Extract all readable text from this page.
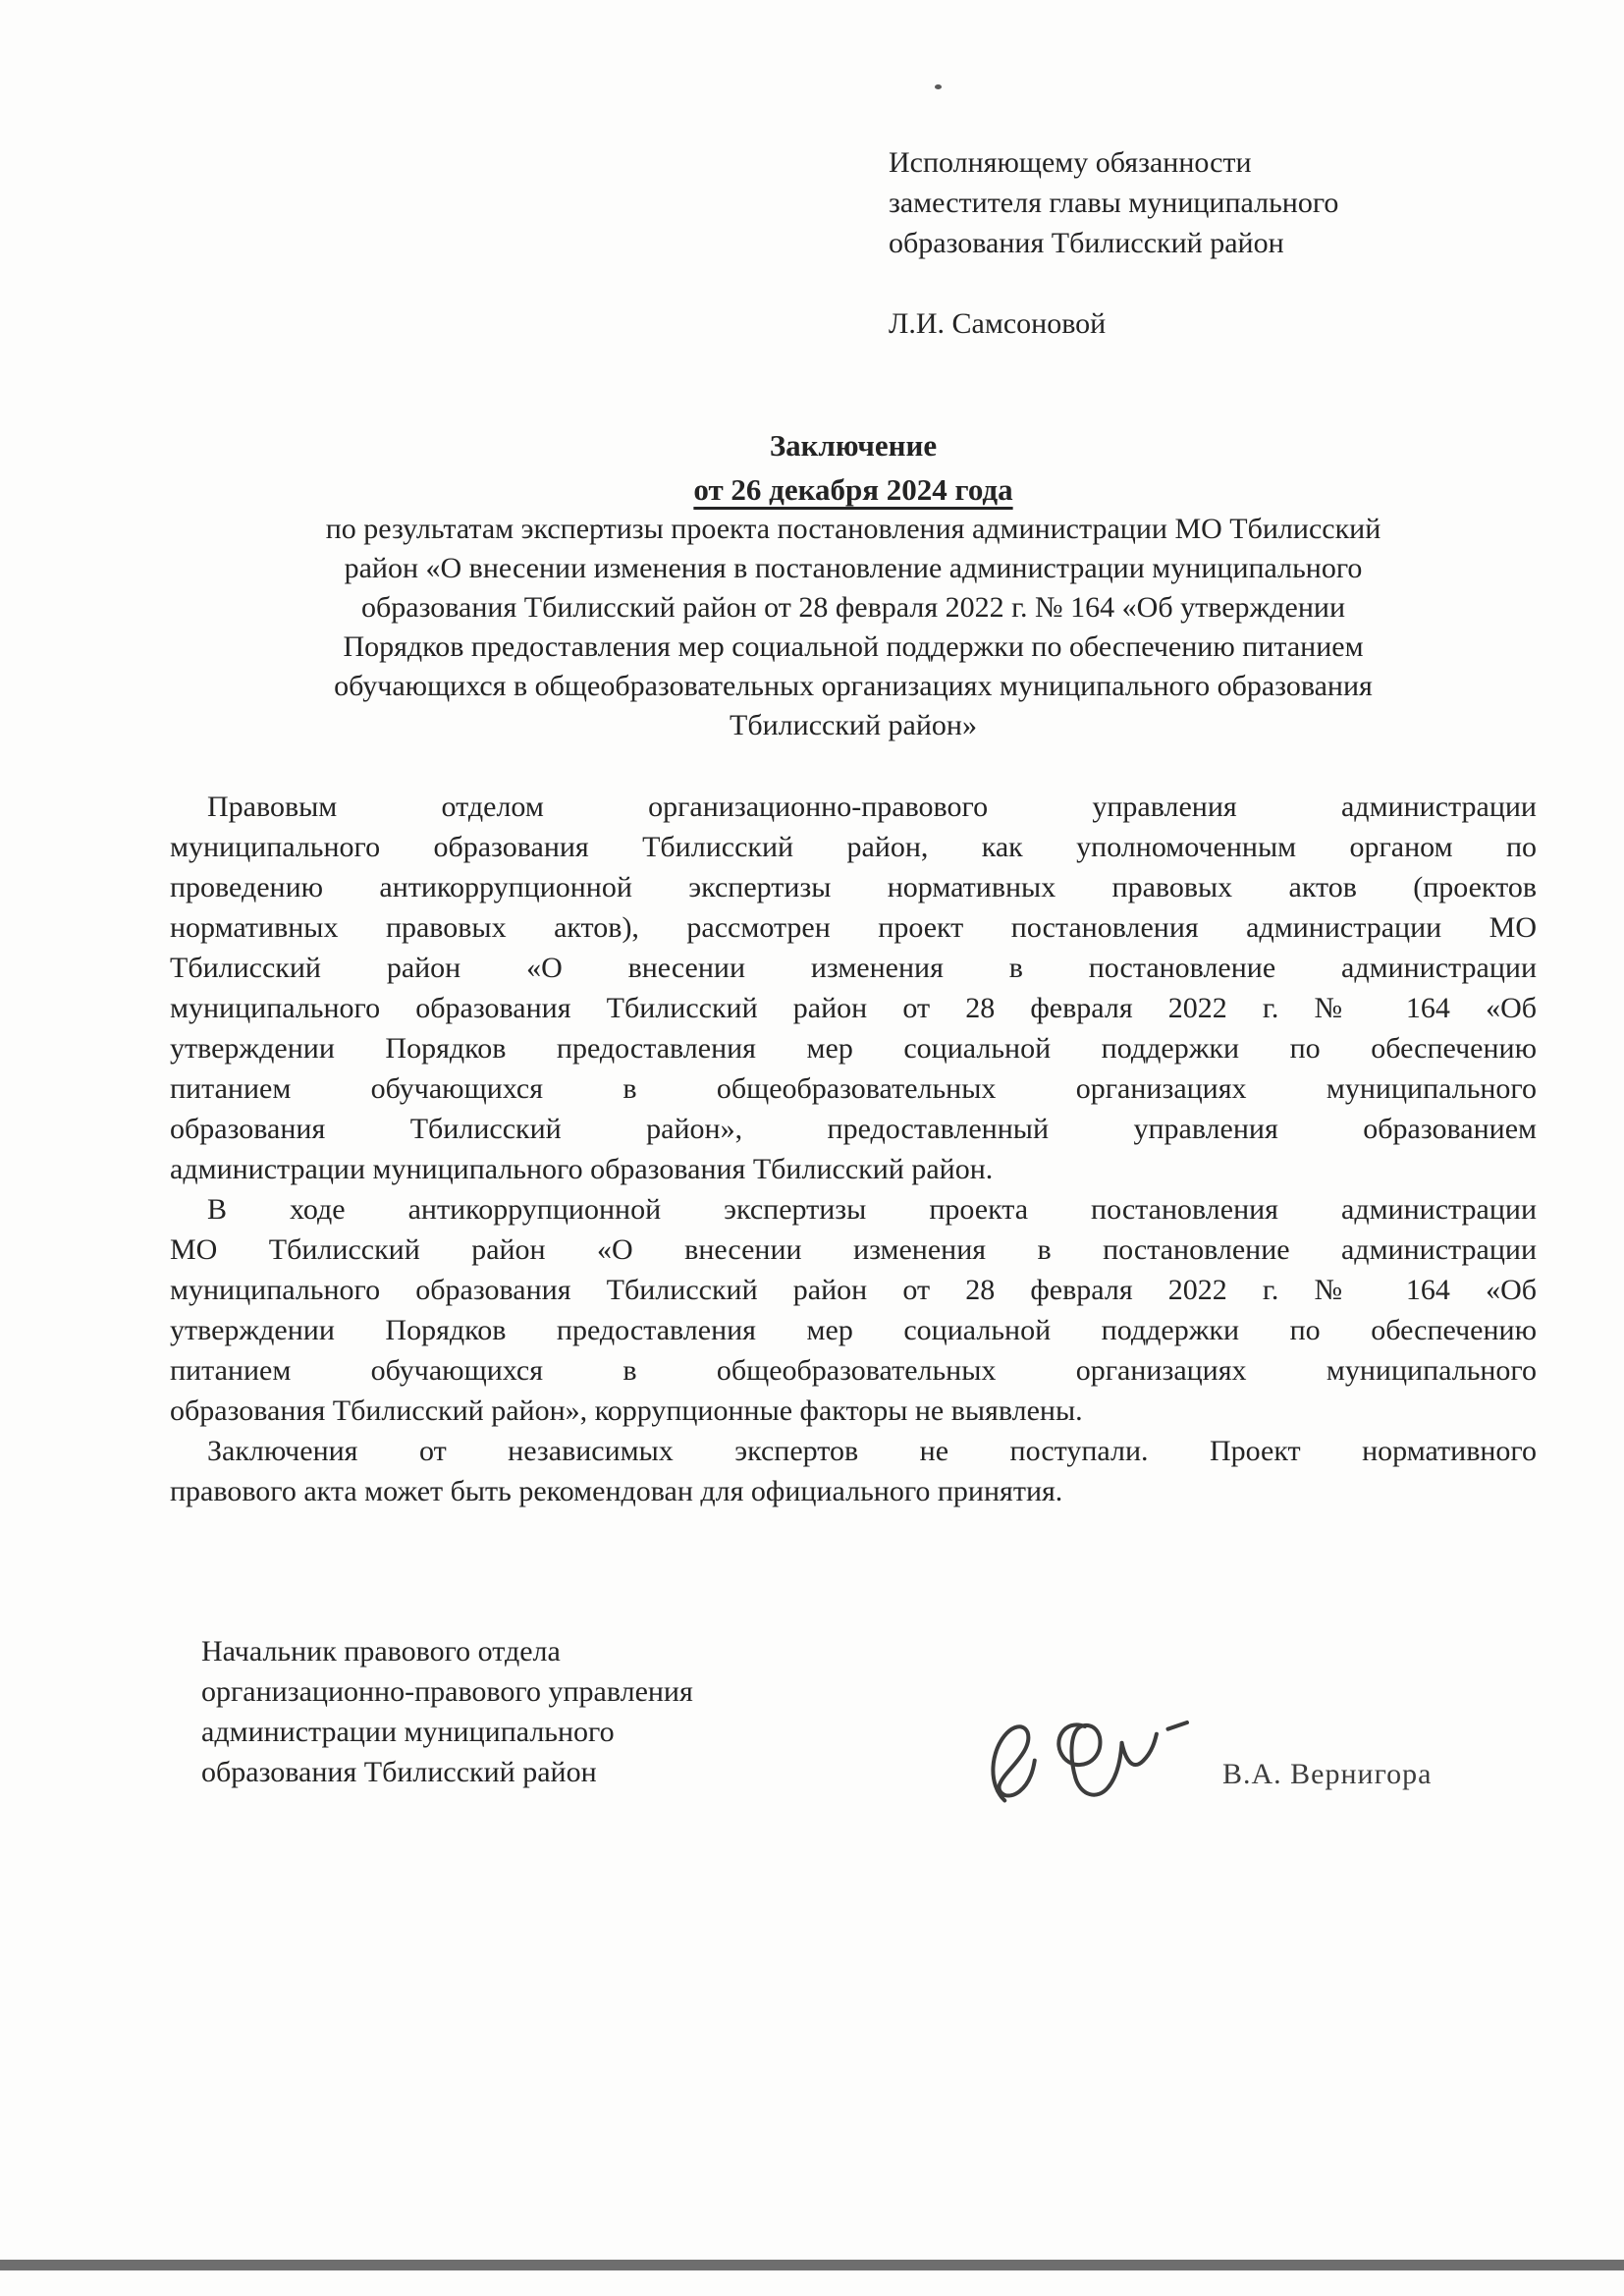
Исполняющему обязанности
заместителя главы муниципального
образования Тбилисский район
Л.И. Самсоновой
Заключение
от 26 декабря 2024 года
по результатам экспертизы проекта постановления администрации МО Тбилисский
район «О внесении изменения в постановление администрации муниципального
образования Тбилисский район от 28 февраля 2022 г. № 164 «Об утверждении
Порядков предоставления мер социальной поддержки по обеспечению питанием
обучающихся в общеобразовательных организациях муниципального образования
Тбилисский район»
Правовым отделом организационно-правового управления администрации
муниципального образования Тбилисский район, как уполномоченным органом по
проведению антикоррупционной экспертизы нормативных правовых актов (проектов
нормативных правовых актов), рассмотрен проект постановления администрации МО
Тбилисский район «О внесении изменения в постановление администрации
муниципального образования Тбилисский район от 28 февраля 2022 г. № 164 «Об
утверждении Порядков предоставления мер социальной поддержки по обеспечению
питанием обучающихся в общеобразовательных организациях муниципального
образования Тбилисский район», предоставленный управления образованием
администрации муниципального образования Тбилисский район.
В ходе антикоррупционной экспертизы проекта постановления администрации
МО Тбилисский район «О внесении изменения в постановление администрации
муниципального образования Тбилисский район от 28 февраля 2022 г. № 164 «Об
утверждении Порядков предоставления мер социальной поддержки по обеспечению
питанием обучающихся в общеобразовательных организациях муниципального
образования Тбилисский район», коррупционные факторы не выявлены.
Заключения от независимых экспертов не поступали. Проект нормативного
правового акта может быть рекомендован для официального принятия.
Начальник правового отдела
организационно-правового управления
администрации муниципального
образования Тбилисский район	В.А. Вернигора
